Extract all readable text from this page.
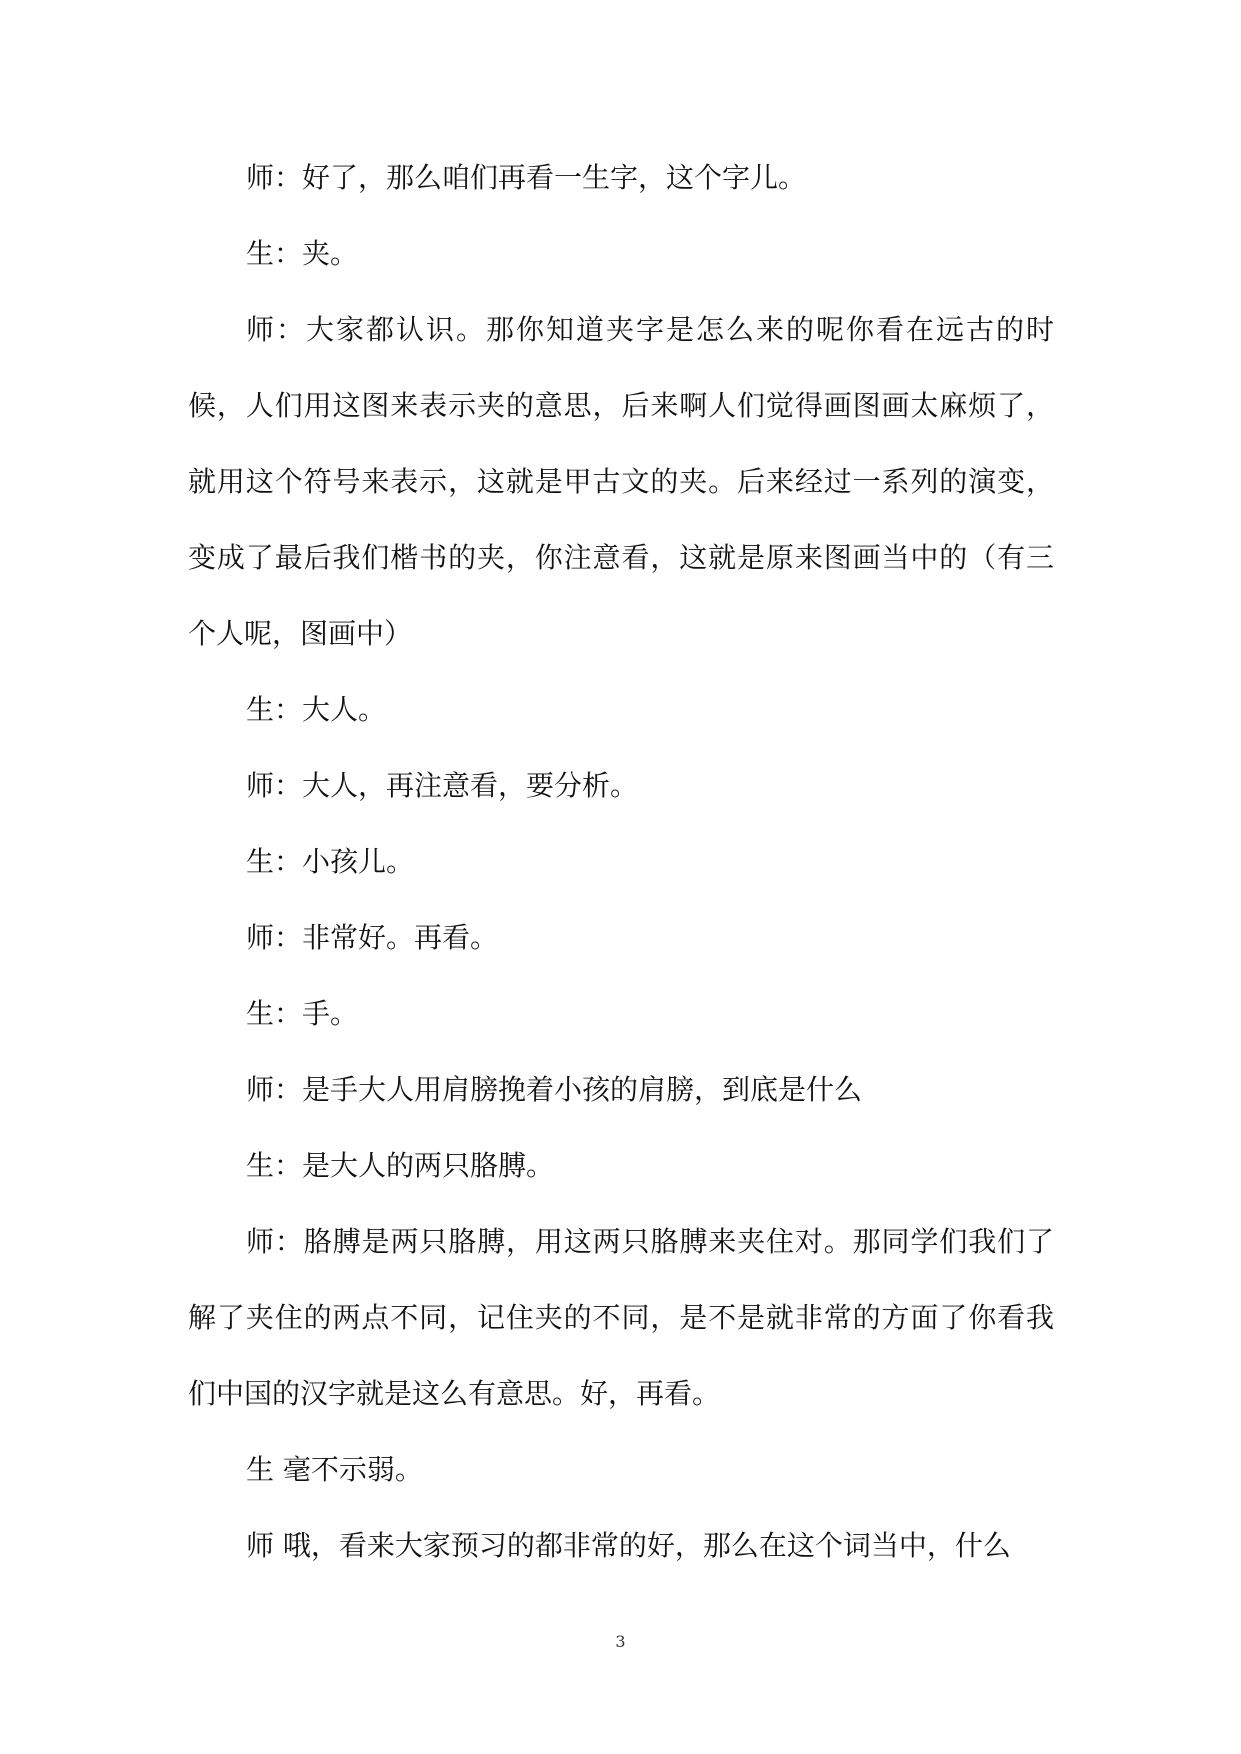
师：好了，那么咱们再看一生字，这个字儿。

生：夹。

师：大家都认识。那你知道夹字是怎么来的呢你看在远古的时候，人们用这图来表示夹的意思，后来啊人们觉得画图画太麻烦了，就用这个符号来表示，这就是甲古文的夹。后来经过一系列的演变，变成了最后我们楷书的夹，你注意看，这就是原来图画当中的（有三个人呢，图画中）

生：大人。

师：大人，再注意看，要分析。

生：小孩儿。

师：非常好。再看。

生：手。

师：是手大人用肩膀挽着小孩的肩膀，到底是什么

生：是大人的两只胳膊。

师：胳膊是两只胳膊，用这两只胳膊来夹住对。那同学们我们了解了夹住的两点不同，记住夹的不同，是不是就非常的方面了你看我们中国的汉字就是这么有意思。好，再看。

生 毫不示弱。

师 哦，看来大家预习的都非常的好，那么在这个词当中，什么

3
